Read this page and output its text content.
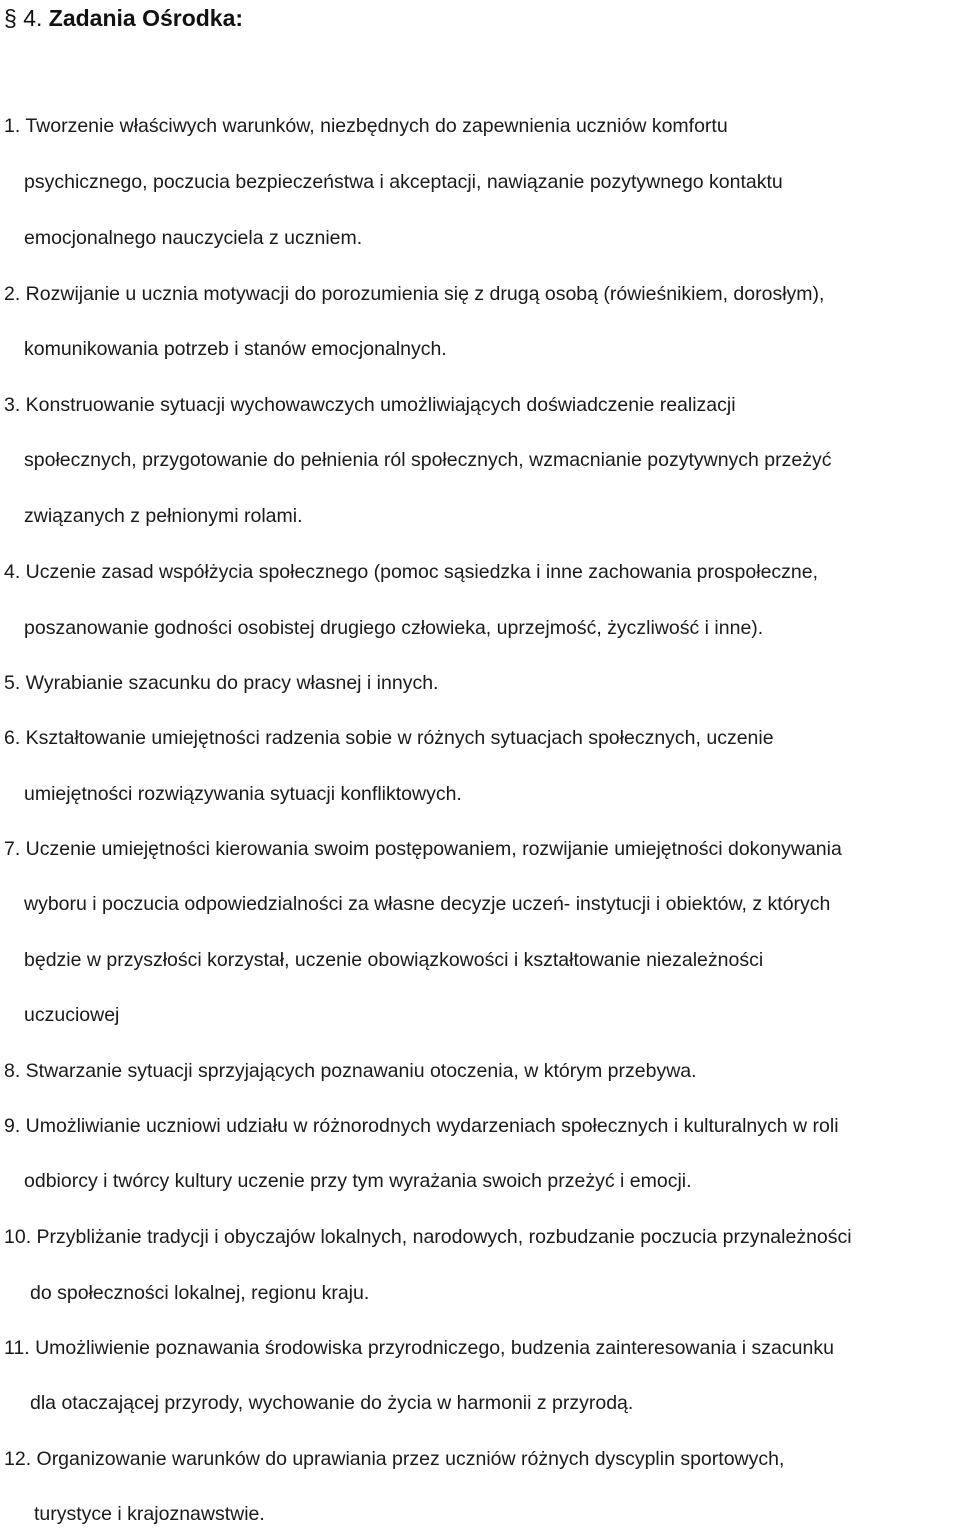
§ 4. Zadania Ośrodka:

1. Tworzenie właściwych warunków, niezbędnych do zapewnienia uczniów komfortu

psychicznego, poczucia bezpieczeństwa i akceptacji, nawiązanie pozytywnego kontaktu

emocjonalnego nauczyciela z uczniem.

2. Rozwijanie u ucznia motywacji do porozumienia się z drugą osobą (rówieśnikiem, dorosłym),

komunikowania potrzeb i stanów emocjonalnych.

3. Konstruowanie sytuacji wychowawczych umożliwiających doświadczenie realizacji

społecznych, przygotowanie do pełnienia ról społecznych, wzmacnianie pozytywnych przeżyć

związanych z pełnionymi rolami.

4. Uczenie zasad współżycia społecznego (pomoc sąsiedzka i inne zachowania prospołeczne,

poszanowanie godności osobistej drugiego człowieka, uprzejmość, życzliwość i inne).

5. Wyrabianie szacunku do pracy własnej i innych.

6. Kształtowanie umiejętności radzenia sobie w różnych sytuacjach społecznych, uczenie

umiejętności rozwiązywania sytuacji konfliktowych.

7. Uczenie umiejętności kierowania swoim postępowaniem, rozwijanie umiejętności dokonywania

wyboru i poczucia odpowiedzialności za własne decyzje uczeń- instytucji i obiektów, z których

będzie w przyszłości korzystał, uczenie obowiązkowości i kształtowanie niezależności

uczuciowej

8. Stwarzanie sytuacji sprzyjających poznawaniu otoczenia, w którym przebywa.

9. Umożliwianie uczniowi udziału w różnorodnych wydarzeniach społecznych i kulturalnych w roli

odbiorcy i twórcy kultury uczenie przy tym wyrażania swoich przeżyć i emocji.

10. Przybliżanie tradycji i obyczajów lokalnych, narodowych, rozbudzanie poczucia przynależności

do społeczności lokalnej, regionu kraju.

11. Umożliwienie poznawania środowiska przyrodniczego, budzenia zainteresowania i szacunku

dla otaczającej przyrody, wychowanie do życia w harmonii z przyrodą.

12. Organizowanie warunków do uprawiania przez uczniów różnych dyscyplin sportowych,

turystyce i krajoznawstwie.
